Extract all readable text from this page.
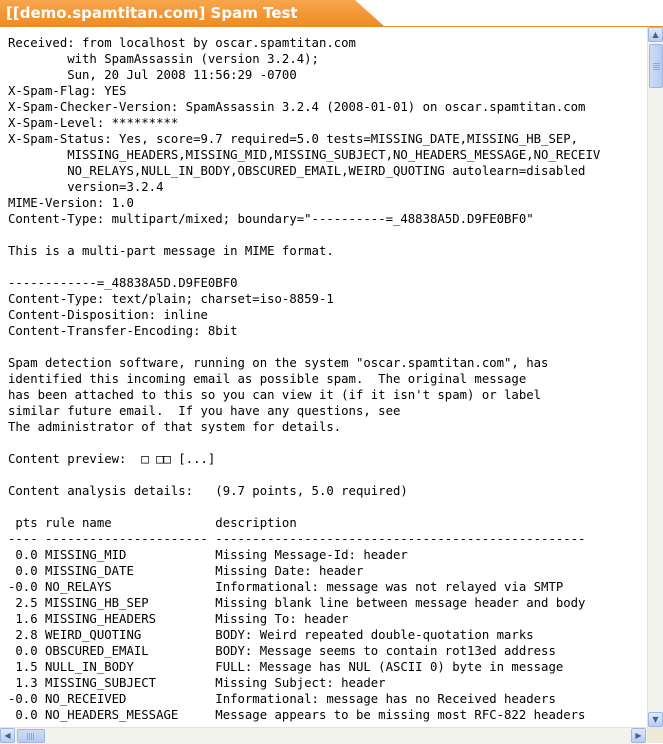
[[demo.spamtitan.com] Spam Test
Received: from localhost by oscar.spamtitan.com
with SpamAssassin (version 3.2.4);
Sun, 20 Jul 2008 11:56:29 -0700
X-Spam-Flag: YES
X-Spam-Checker-Version: SpamAssassin 3.2.4 (2008-01-01) on oscar.spamtitan.com
X-Spam-Level: *********
X-Spam-Status: Yes, score=9.7 required=5.0 tests=MISSING_DATE,MISSING_HB_SEP,
MISSING_HEADERS,MISSING_MID,MISSING_SUBJECT,NO_HEADERS_MESSAGE,NO_RECEIV
NO_RELAYS,NULL_IN_BODY,OBSCURED_EMAIL,WEIRD_QUOTING autolearn=disabled
version=3.2.4
MIME-Version: 1.0
Content-Type: multipart/mixed; boundary="----------=_48838A5D.D9FE0BF0"

This is a multi-part message in MIME format.

------------=_48838A5D.D9FE0BF0
Content-Type: text/plain; charset=iso-8859-1
Content-Disposition: inline
Content-Transfer-Encoding: 8bit

Spam detection software, running on the system "oscar.spamtitan.com", has
identified this incoming email as possible spam.  The original message
has been attached to this so you can view it (if it isn't spam) or label
similar future email.  If you have any questions, see
The administrator of that system for details.

Content preview:  □ □□ [...]

Content analysis details:   (9.7 points, 5.0 required)

pts rule name              description
---- ---------------------- --------------------------------------------------
0.0 MISSING_MID            Missing Message-Id: header
0.0 MISSING_DATE           Missing Date: header
-0.0 NO_RELAYS              Informational: message was not relayed via SMTP
2.5 MISSING_HB_SEP         Missing blank line between message header and body
1.6 MISSING_HEADERS        Missing To: header
2.8 WEIRD_QUOTING          BODY: Weird repeated double-quotation marks
0.0 OBSCURED_EMAIL         BODY: Message seems to contain rot13ed address
1.5 NULL_IN_BODY           FULL: Message has NUL (ASCII 0) byte in message
1.3 MISSING_SUBJECT        Missing Subject: header
-0.0 NO_RECEIVED            Informational: message has no Received headers
0.0 NO_HEADERS_MESSAGE     Message appears to be missing most RFC-822 headers
▲
▼
◀	▶
